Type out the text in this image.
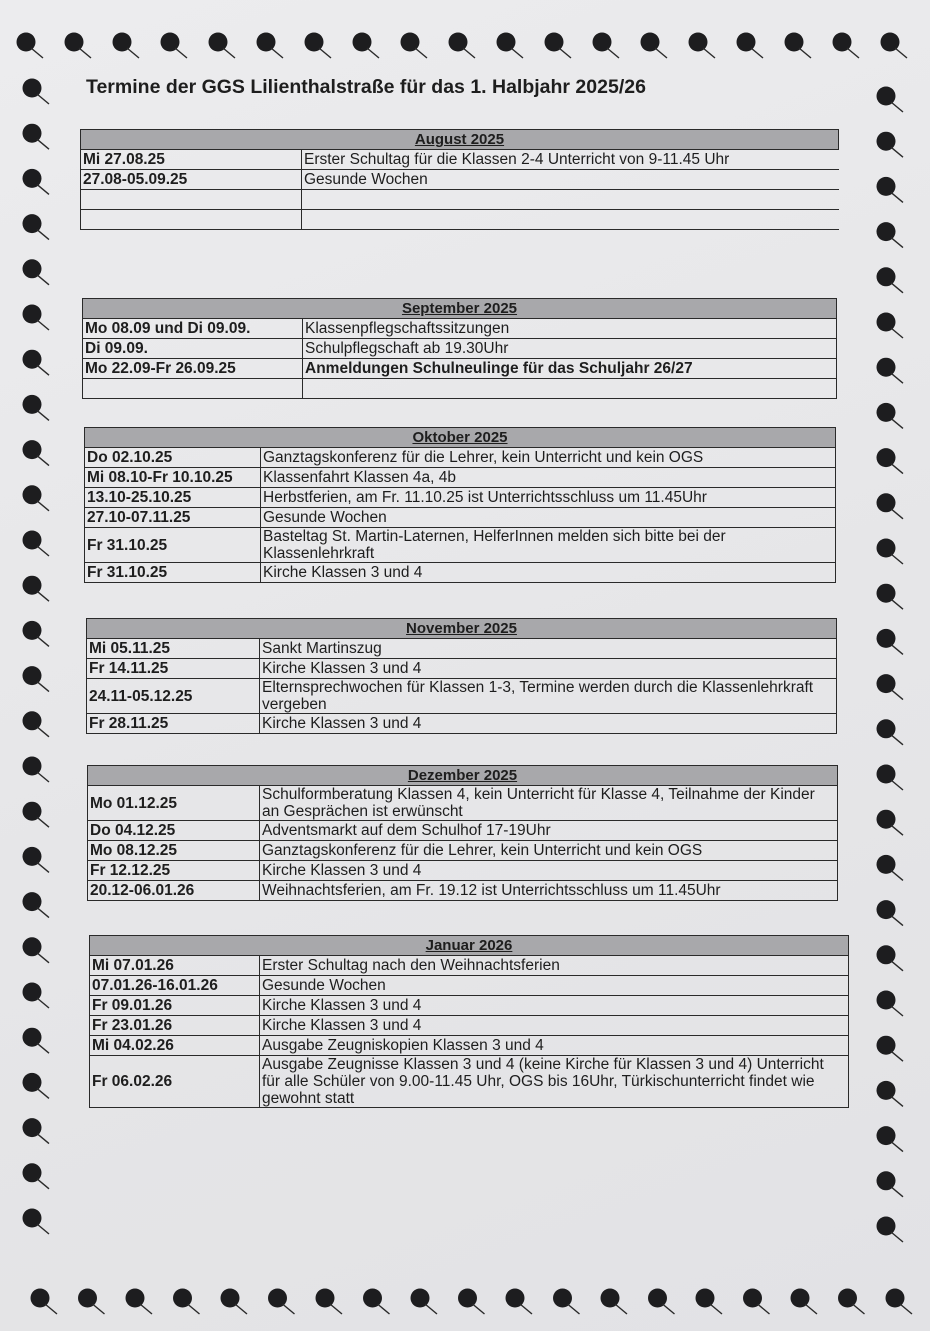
Termine der GGS Lilienthalstraße für das 1. Halbjahr 2025/26
August 2025	
Mi 27.08.25	Erster Schultag für die Klassen 2-4 Unterricht von 9-11.45 Uhr
27.08-05.09.25	Gesunde Wochen

September 2025	
Mo 08.09 und Di 09.09.	Klassenpflegschaftssitzungen
Di 09.09.	Schulpflegschaft ab 19.30Uhr
Mo 22.09-Fr 26.09.25	Anmeldungen Schulneulinge für das Schuljahr 26/27

Oktober 2025	
Do 02.10.25	Ganztagskonferenz für die Lehrer, kein Unterricht und kein OGS
Mi 08.10-Fr 10.10.25	Klassenfahrt Klassen 4a, 4b
13.10-25.10.25	Herbstferien, am Fr. 11.10.25 ist Unterrichtsschluss um 11.45Uhr
27.10-07.11.25	Gesunde Wochen
Fr 31.10.25	Basteltag St. Martin-Laternen, HelferInnen melden sich bitte bei der Klassenlehrkraft
Fr 31.10.25	Kirche Klassen 3 und 4
November 2025	
Mi 05.11.25	Sankt Martinszug
Fr 14.11.25	Kirche Klassen 3 und 4
24.11-05.12.25	Elternsprechwochen für Klassen 1-3, Termine werden durch die Klassenlehrkraft vergeben
Fr 28.11.25	Kirche Klassen 3 und 4
Dezember 2025	
Mo 01.12.25	Schulformberatung Klassen 4, kein Unterricht für Klasse 4, Teilnahme der Kinder an Gesprächen ist erwünscht
Do 04.12.25	Adventsmarkt auf dem Schulhof 17-19Uhr
Mo 08.12.25	Ganztagskonferenz für die Lehrer, kein Unterricht und kein OGS
Fr 12.12.25	Kirche Klassen 3 und 4
20.12-06.01.26	Weihnachtsferien, am Fr. 19.12 ist Unterrichtsschluss um 11.45Uhr
Januar 2026	
Mi 07.01.26	Erster Schultag nach den Weihnachtsferien
07.01.26-16.01.26	Gesunde Wochen
Fr 09.01.26	Kirche Klassen 3 und 4
Fr 23.01.26	Kirche Klassen 3 und 4
Mi 04.02.26	Ausgabe Zeugniskopien Klassen 3 und 4
Fr 06.02.26	Ausgabe Zeugnisse Klassen 3 und 4 (keine Kirche für Klassen 3 und 4) Unterricht für alle Schüler von 9.00-11.45 Uhr, OGS bis 16Uhr, Türkischunterricht findet wie gewohnt statt
